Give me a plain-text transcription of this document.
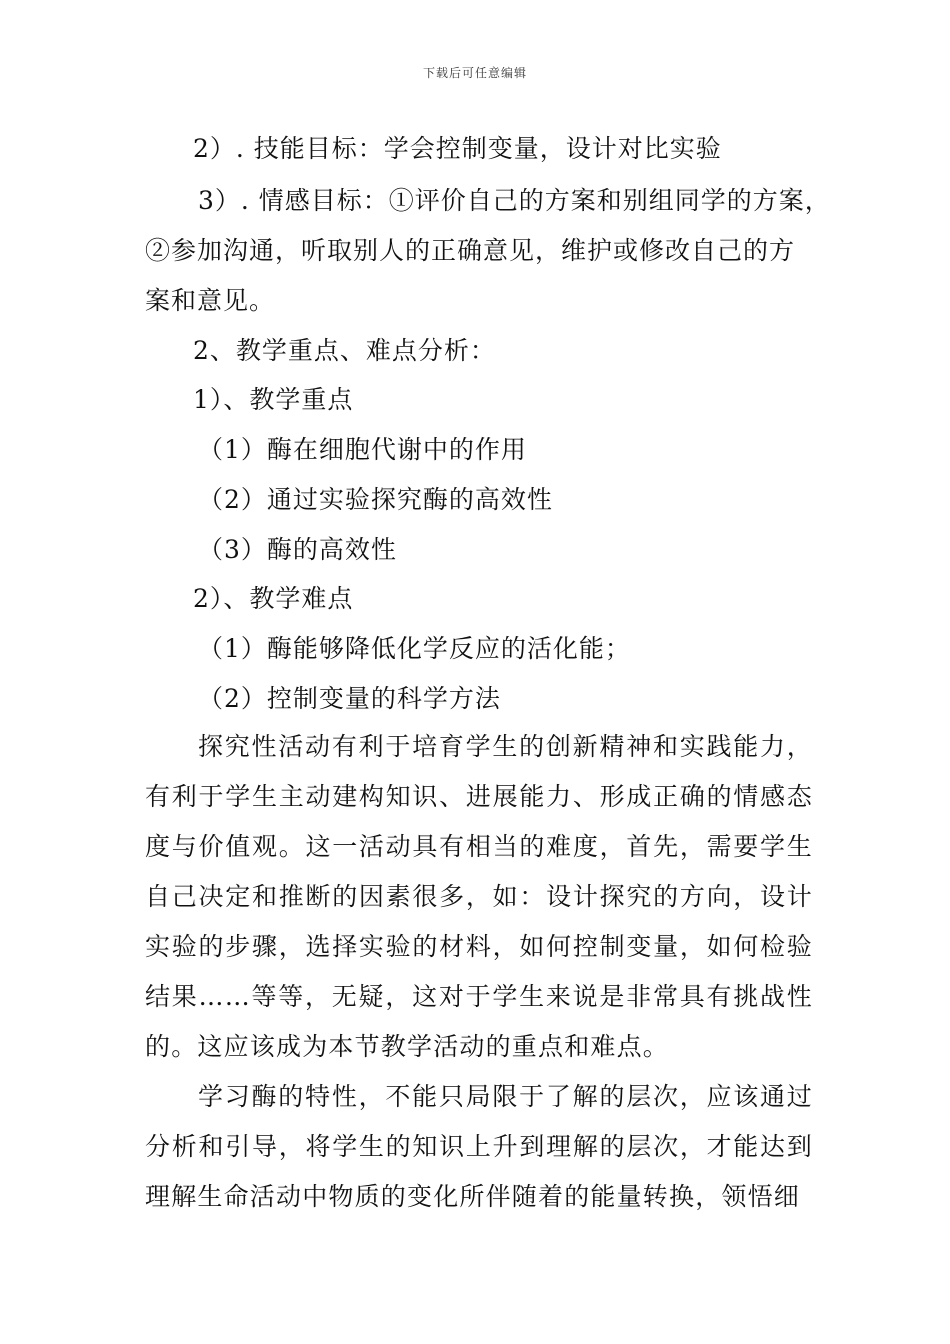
下载后可任意编辑
2）. 技能目标：学会控制变量，设计对比实验
3）. 情感目标：①评价自己的方案和别组同学的方案，
②参加沟通，听取别人的正确意见，维护或修改自己的方
案和意见。
2、教学重点、难点分析：
1）、教学重点
（1）酶在细胞代谢中的作用
（2）通过实验探究酶的高效性
（3）酶的高效性
2）、教学难点
（1）酶能够降低化学反应的活化能；
（2）控制变量的科学方法
探究性活动有利于培育学生的创新精神和实践能力，有利于学生主动建构知识、进展能力、形成正确的情感态度与价值观。这一活动具有相当的难度，首先，需要学生自己决定和推断的因素很多，如：设计探究的方向，设计实验的步骤，选择实验的材料，如何控制变量，如何检验结果……等等，无疑，这对于学生来说是非常具有挑战性的。这应该成为本节教学活动的重点和难点。
学习酶的特性，不能只局限于了解的层次，应该通过分析和引导，将学生的知识上升到理解的层次，才能达到理解生命活动中物质的变化所伴随着的能量转换，领悟细
